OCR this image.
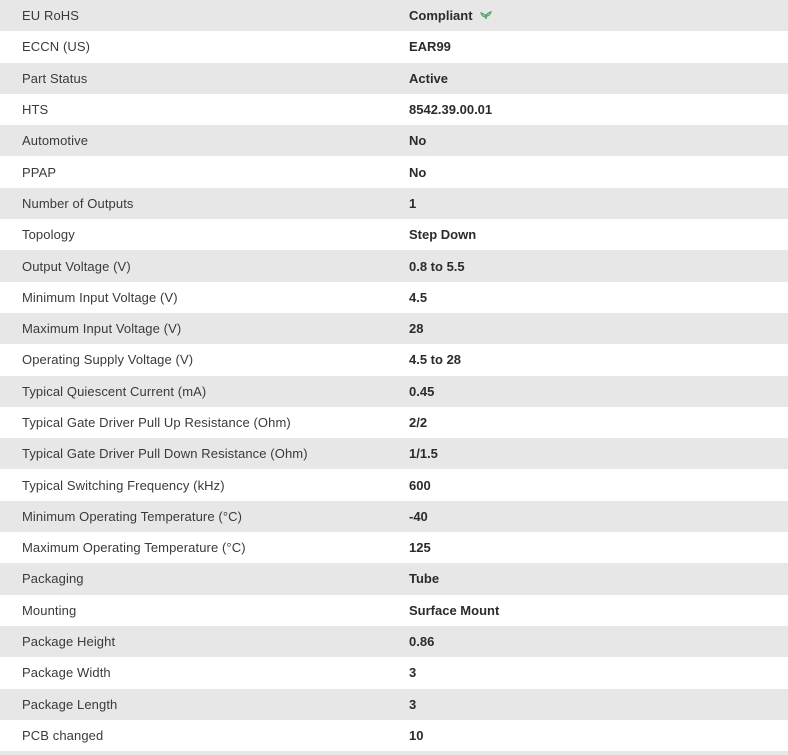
EU RoHS	Compliant
ECCN (US)	EAR99
Part Status	Active
HTS	8542.39.00.01
Automotive	No
PPAP	No
Number of Outputs	1
Topology	Step Down
Output Voltage (V)	0.8 to 5.5
Minimum Input Voltage (V)	4.5
Maximum Input Voltage (V)	28
Operating Supply Voltage (V)	4.5 to 28
Typical Quiescent Current (mA)	0.45
Typical Gate Driver Pull Up Resistance (Ohm)	2/2
Typical Gate Driver Pull Down Resistance (Ohm)	1/1.5
Typical Switching Frequency (kHz)	600
Minimum Operating Temperature (°C)	-40
Maximum Operating Temperature (°C)	125
Packaging	Tube
Mounting	Surface Mount
Package Height	0.86
Package Width	3
Package Length	3
PCB changed	10
